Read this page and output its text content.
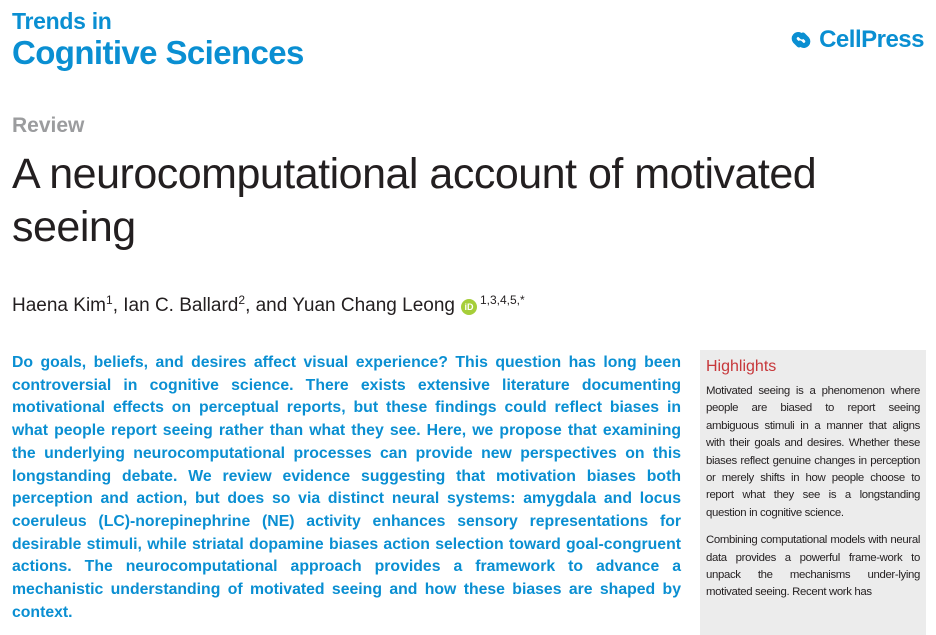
Trends in
Cognitive Sciences	CellPress
Review
A neurocomputational account of motivated seeing
Haena Kim$^1$, Ian C. Ballard$^2$, and Yuan Chang Leong iD $^{1,3,4,5,*}$

Do goals, beliefs, and desires affect visual experience? This question has long been controversial in cognitive science. There exists extensive literature documenting motivational effects on perceptual reports, but these findings could reflect biases in what people report seeing rather than what they see. Here, we propose that examining the underlying neurocomputational processes can provide new perspectives on this longstanding debate. We review evidence suggesting that motivation biases both perception and action, but does so via distinct neural systems: amygdala and locus coeruleus (LC)-norepinephrine (NE) activity enhances sensory representations for desirable stimuli, while striatal dopamine biases action selection toward goal-congruent actions. The neurocomputational approach provides a framework to advance a mechanistic understanding of motivated seeing and how these biases are shaped by context.

Highlights

Motivated seeing is a phenomenon where people are biased to report seeing ambiguous stimuli in a manner that aligns with their goals and desires. Whether these biases reflect genuine changes in perception or merely shifts in how people choose to report what they see is a longstanding question in cognitive science.

Combining computational models with neural data provides a powerful frame-work to unpack the mechanisms under-lying motivated seeing. Recent work has
